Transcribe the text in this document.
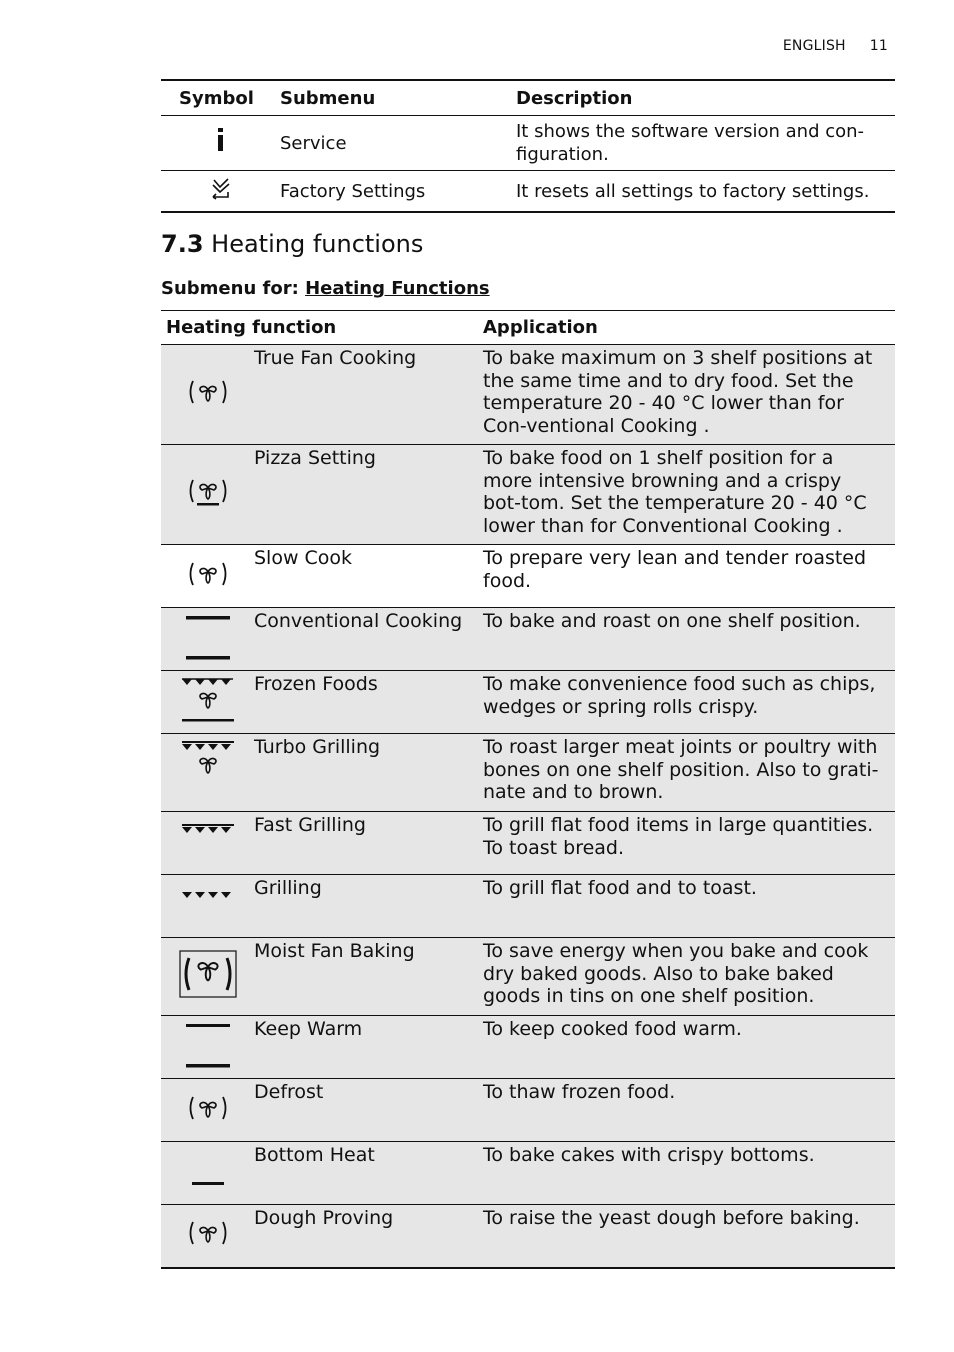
ENGLISH 11
Symbol	Submenu	Description

	Service	It shows the software version and con-figuration.

	Factory Settings	It resets all settings to factory settings.
7.3 Heating functions
Submenu for: Heating Functions
Heating function		Application

	True Fan Cooking	To bake maximum on 3 shelf positions at the same time and to dry food. Set the temperature 20 - 40 °C lower than for Con-ventional Cooking .

	Pizza Setting	To bake food on 1 shelf position for a more intensive browning and a crispy bot-tom. Set the temperature 20 - 40 °C lower than for Conventional Cooking .

	Slow Cook	To prepare very lean and tender roasted food.

	Conventional Cooking	To bake and roast on one shelf position.

	Frozen Foods	To make convenience food such as chips, wedges or spring rolls crispy.

	Turbo Grilling	To roast larger meat joints or poultry with bones on one shelf position. Also to grati-nate and to brown.

	Fast Grilling	To grill flat food items in large quantities. To toast bread.

	Grilling	To grill flat food and to toast.

	Moist Fan Baking	To save energy when you bake and cook dry baked goods. Also to bake baked goods in tins on one shelf position.

	Keep Warm	To keep cooked food warm.

	Defrost	To thaw frozen food.

	Bottom Heat	To bake cakes with crispy bottoms.

	Dough Proving	To raise the yeast dough before baking.
